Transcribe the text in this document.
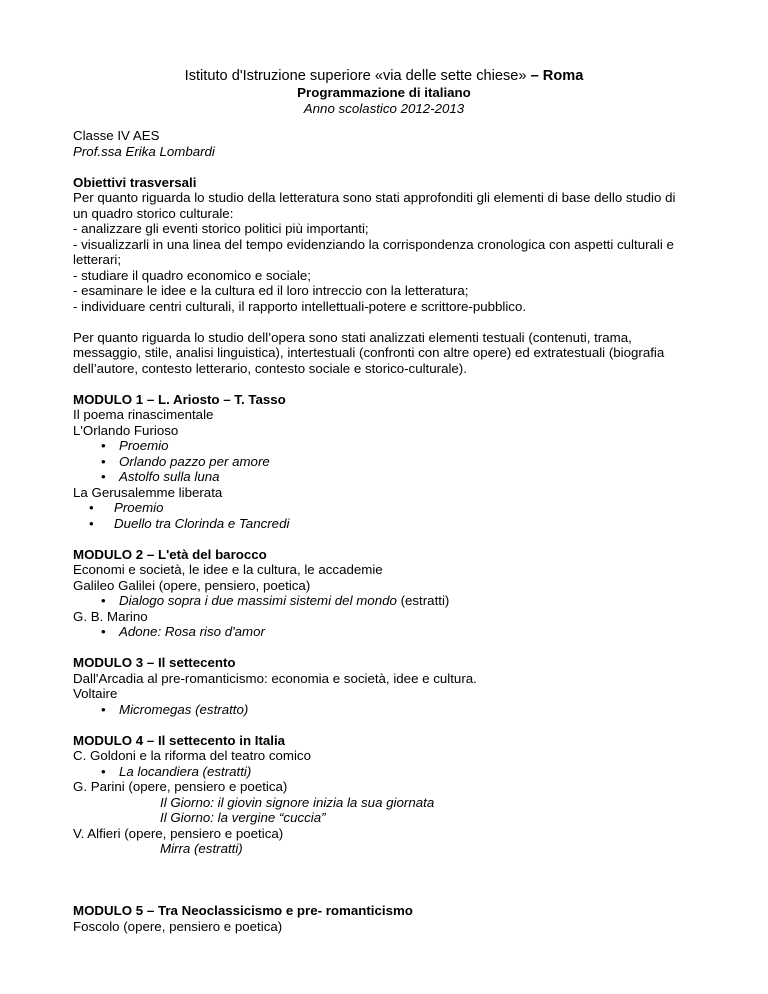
Istituto d'Istruzione superiore «via delle sette chiese» – Roma
Programmazione di italiano
Anno scolastico 2012-2013

Classe IV AES

Prof.ssa Erika Lombardi

Obiettivi trasversali

Per quanto riguarda lo studio della letteratura sono stati approfonditi gli elementi di base dello studio di un quadro storico culturale:

- analizzare gli eventi storico politici più importanti;

- visualizzarli in una linea del tempo evidenziando la corrispondenza cronologica con aspetti culturali e letterari;

- studiare il quadro economico e sociale;

- esaminare le idee e la cultura ed il loro intreccio con la letteratura;

- individuare centri culturali, il rapporto intellettuali-potere e scrittore-pubblico.

Per quanto riguarda lo studio dell’opera sono stati analizzati elementi testuali (contenuti, trama, messaggio, stile, analisi linguistica), intertestuali (confronti con altre opere) ed extratestuali (biografia dell’autore, contesto letterario, contesto sociale e storico-culturale).

MODULO 1 – L. Ariosto – T. Tasso

Il poema rinascimentale

L'Orlando Furioso

• Proemio
• Orlando pazzo per amore
• Astolfo sulla luna

La Gerusalemme liberata

• Proemio
• Duello tra Clorinda e Tancredi

MODULO 2 – L'età del barocco

Economi e società, le idee e la cultura, le accademie

Galileo Galilei (opere, pensiero, poetica)

• Dialogo sopra i due massimi sistemi del mondo (estratti)

G. B. Marino

• Adone: Rosa riso d'amor

MODULO 3 – Il settecento

Dall'Arcadia al pre-romanticismo: economia e società, idee e cultura.

Voltaire

• Micromegas (estratto)

MODULO 4 – Il settecento in Italia

C. Goldoni e la riforma del teatro comico

• La locandiera (estratti)

G. Parini (opere, pensiero e poetica)

Il Giorno: il giovin signore inizia la sua giornata

Il Giorno: la vergine “cuccia”

V. Alfieri (opere, pensiero e poetica)

Mirra (estratti)

MODULO 5 – Tra Neoclassicismo e pre- romanticismo

Foscolo (opere, pensiero e poetica)
